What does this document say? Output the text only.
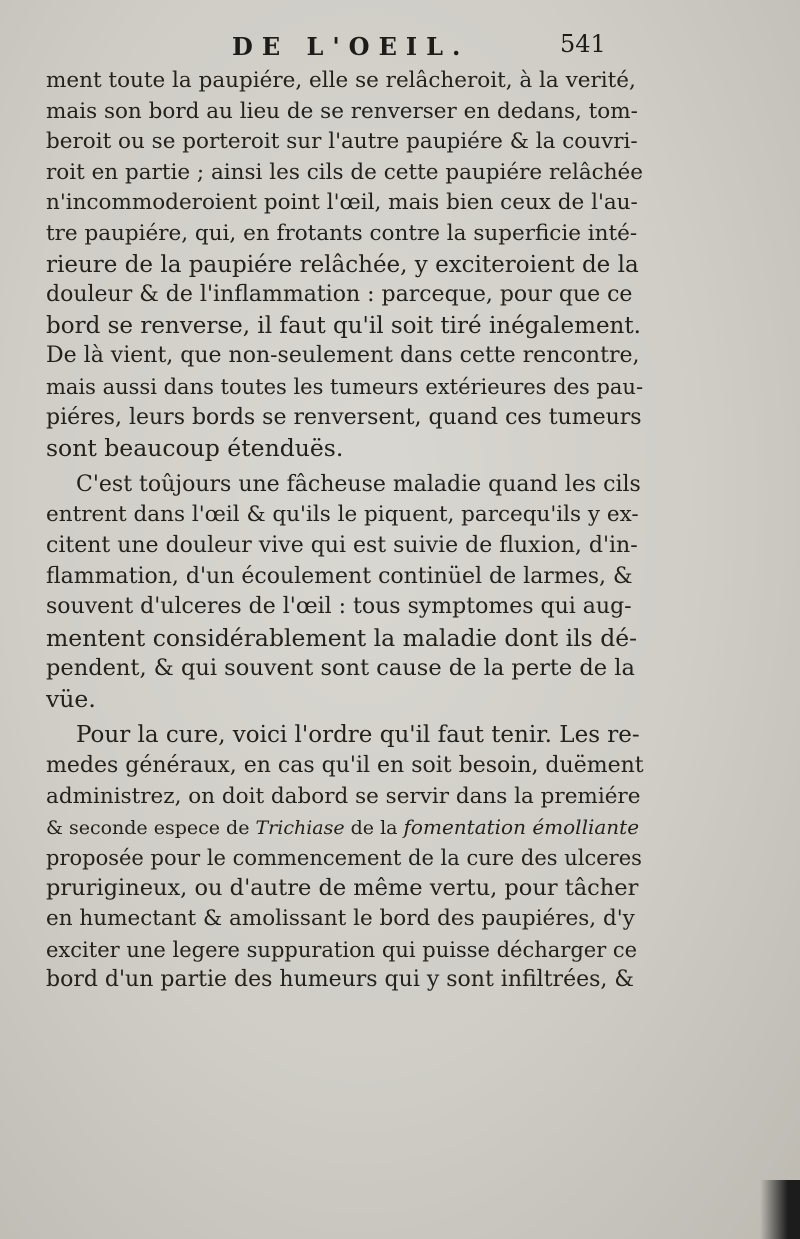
DE L'OEIL.	541
ment toute la paupiére, elle se relâcheroit, à la verité,
mais son bord au lieu de se renverser en dedans, tom-
beroit ou se porteroit sur l'autre paupiére & la couvri-
roit en partie ; ainsi les cils de cette paupiére relâchée
n'incommoderoient point l'œil, mais bien ceux de l'au-
tre paupiére, qui, en frotants contre la superficie inté-
rieure de la paupiére relâchée, y exciteroient de la
douleur & de l'inflammation : parceque, pour que ce
bord se renverse, il faut qu'il soit tiré inégalement.
De là vient, que non-seulement dans cette rencontre,
mais aussi dans toutes les tumeurs extérieures des pau-
piéres, leurs bords se renversent, quand ces tumeurs
sont beaucoup étenduës.
C'est toûjours une fâcheuse maladie quand les cils
entrent dans l'œil & qu'ils le piquent, parcequ'ils y ex-
citent une douleur vive qui est suivie de fluxion, d'in-
flammation, d'un écoulement continüel de larmes, &
souvent d'ulceres de l'œil : tous symptomes qui aug-
mentent considérablement la maladie dont ils dé-
pendent, & qui souvent sont cause de la perte de la
vüe.
Pour la cure, voici l'ordre qu'il faut tenir. Les re-
medes généraux, en cas qu'il en soit besoin, duëment
administrez, on doit dabord se servir dans la premiére
& seconde espece de Trichiase de la fomentation émolliante
proposée pour le commencement de la cure des ulceres
prurigineux, ou d'autre de même vertu, pour tâcher
en humectant & amolissant le bord des paupiéres, d'y
exciter une legere suppuration qui puisse décharger ce
bord d'un partie des humeurs qui y sont infiltrées, &
